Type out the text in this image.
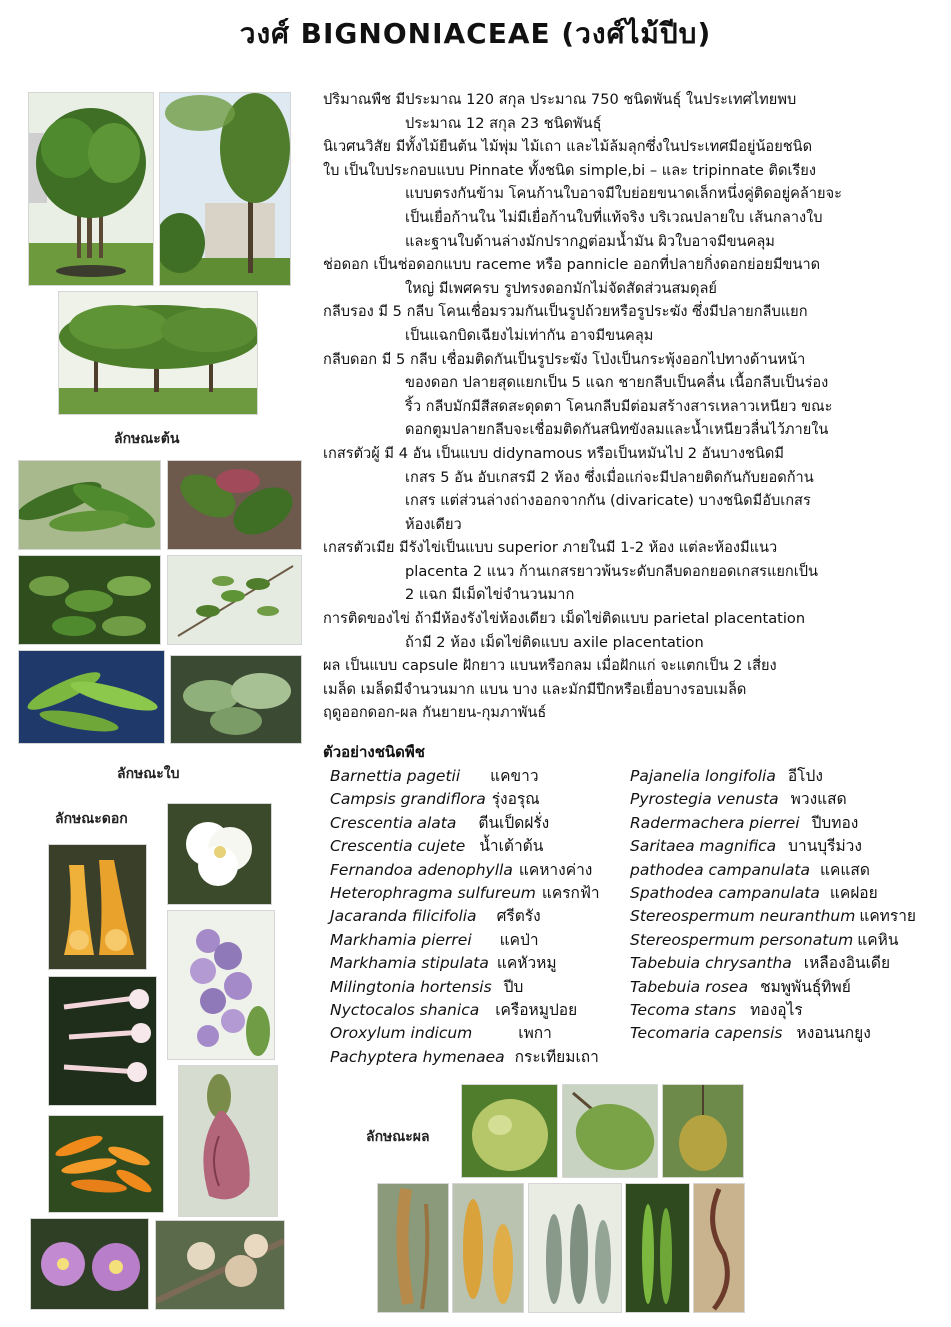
วงศ์ BIGNONIACEAE (วงศ์ไม้ปีบ)
ลักษณะต้น
ลักษณะใบ
ลักษณะดอก
ปริมาณพืช มีประมาณ 120 สกุล ประมาณ 750 ชนิดพันธุ์ ในประเทศไทยพบ
ประมาณ 12 สกุล 23 ชนิดพันธุ์
นิเวศนวิสัย มีทั้งไม้ยืนต้น ไม้พุ่ม ไม้เถา และไม้ล้มลุกซึ่งในประเทศมีอยู่น้อยชนิด
ใบ เป็นใบประกอบแบบ Pinnate ทั้งชนิด simple,bi – และ tripinnate ติดเรียง
แบบตรงกันข้าม โคนก้านใบอาจมีใบย่อยขนาดเล็กหนึ่งคู่ติดอยู่คล้ายจะ
เป็นเยื่อก้านใน ไม่มีเยื่อก้านใบที่แท้จริง บริเวณปลายใบ เส้นกลางใบ
และฐานใบด้านล่างมักปรากฏต่อมน้ำมัน ผิวใบอาจมีขนคลุม
ช่อดอก เป็นช่อดอกแบบ raceme หรือ pannicle ออกที่ปลายกิ่งดอกย่อยมีขนาด
ใหญ่ มีเพศครบ รูปทรงดอกมักไม่จัดสัดส่วนสมดุลย์
กลีบรอง มี 5 กลีบ โคนเชื่อมรวมกันเป็นรูปถ้วยหรือรูประฆัง ซึ่งมีปลายกลีบแยก
เป็นแฉกบิดเฉียงไม่เท่ากัน อาจมีขนคลุม
กลีบดอก มี 5 กลีบ เชื่อมติดกันเป็นรูประฆัง โป่งเป็นกระพุ้งออกไปทางด้านหน้า
ของดอก ปลายสุดแยกเป็น 5 แฉก ชายกลีบเป็นคลื่น เนื้อกลีบเป็นร่อง
ริ้ว กลีบมักมีสีสดสะดุดตา โคนกลีบมีต่อมสร้างสารเหลาวเหนียว ขณะ
ดอกตูมปลายกลีบจะเชื่อมติดกันสนิทขังลมและน้ำเหนียวลื่นไว้ภายใน
เกสรตัวผู้ มี 4 อัน เป็นแบบ didynamous หรือเป็นหมันไป 2 อันบางชนิดมี
เกสร 5 อัน อับเกสรมี 2 ห้อง ซึ่งเมื่อแก่จะมีปลายติดกันกับยอดก้าน
เกสร แต่ส่วนล่างถ่างออกจากกัน (divaricate) บางชนิดมีอับเกสร
ห้องเดียว
เกสรตัวเมีย มีรังไข่เป็นแบบ superior ภายในมี 1-2 ห้อง แต่ละห้องมีแนว
placenta 2 แนว ก้านเกสรยาวพ้นระดับกลีบดอกยอดเกสรแยกเป็น
2 แฉก มีเม็ดไข่จำนวนมาก
การติดของไข่ ถ้ามีห้องรังไข่ห้องเดียว เม็ดไข่ติดแบบ parietal placentation
ถ้ามี 2 ห้อง เม็ดไข่ติดแบบ axile placentation
ผล เป็นแบบ capsule ฝักยาว แบนหรือกลม เมื่อฝักแก่ จะแตกเป็น 2 เสี่ยง
เมล็ด เมล็ดมีจำนวนมาก แบน บาง และมักมีปีกหรือเยื่อบางรอบเมล็ด
ฤดูออกดอก-ผล กันยายน-กุมภาพันธ์
ตัวอย่างชนิดพืช
Barnettia pagetii แคขาว
Campsis grandiflora รุ่งอรุณ
Crescentia alata ตีนเป็ดฝรั่ง
Crescentia cujete น้ำเต้าต้น
Fernandoa adenophylla แคหางค่าง
Heterophragma sulfureum แครกฟ้า
Jacaranda filicifolia ศรีตรัง
Markhamia pierrei แคป่า
Markhamia stipulata แคหัวหมู
Milingtonia hortensis ปีบ
Nyctocalos shanica เครือหมูปอย
Oroxylum indicum	เพกา
Pachyptera hymenaea กระเทียมเถา
Pajanelia longifolia อีโปง
Pyrostegia venusta พวงแสด
Radermachera pierrei ปีบทอง
Saritaea magnifica บานบุรีม่วง
pathodea campanulata แคแสด
Spathodea campanulata แคฝอย
Stereospermum neuranthum แคทราย
Stereospermum personatum แคหิน
Tabebuia chrysantha เหลืองอินเดีย
Tabebuia rosea ชมพูพันธุ์ทิพย์
Tecoma stans ทองอุไร
Tecomaria capensis หงอนนกยูง
ลักษณะผล
